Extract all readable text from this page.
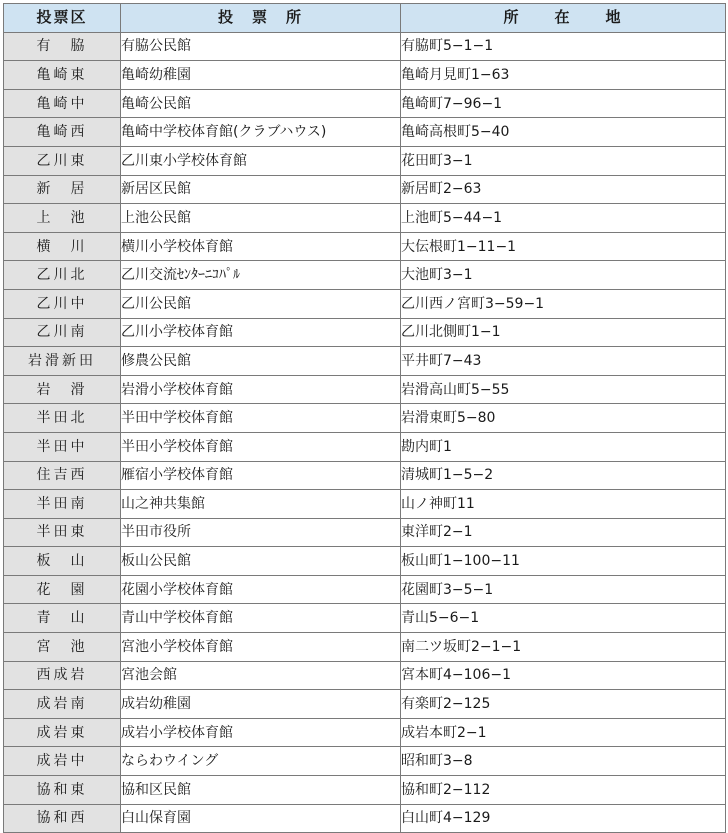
投票区	投　票　所	所　　在　　地
有　脇	有脇公民館	有脇町5−1−1
亀崎東	亀崎幼稚園	亀崎月見町1−63
亀崎中	亀崎公民館	亀崎町7−96−1
亀崎西	亀崎中学校体育館(クラブハウス)	亀崎高根町5−40
乙川東	乙川東小学校体育館	花田町3−1
新　居	新居区民館	新居町2−63
上　池	上池公民館	上池町5−44−1
横　川	横川小学校体育館	大伝根町1−11−1
乙川北	乙川交流ｾﾝﾀｰﾆｺﾊﾟﾙ	大池町3−1
乙川中	乙川公民館	乙川西ノ宮町3−59−1
乙川南	乙川小学校体育館	乙川北側町1−1
岩滑新田	修農公民館	平井町7−43
岩　滑	岩滑小学校体育館	岩滑高山町5−55
半田北	半田中学校体育館	岩滑東町5−80
半田中	半田小学校体育館	勘内町1
住吉西	雁宿小学校体育館	清城町1−5−2
半田南	山之神共集館	山ノ神町11
半田東	半田市役所	東洋町2−1
板　山	板山公民館	板山町1−100−11
花　園	花園小学校体育館	花園町3−5−1
青　山	青山中学校体育館	青山5−6−1
宮　池	宮池小学校体育館	南二ツ坂町2−1−1
西成岩	宮池会館	宮本町4−106−1
成岩南	成岩幼稚園	有楽町2−125
成岩東	成岩小学校体育館	成岩本町2−1
成岩中	ならわウイング	昭和町3−8
協和東	協和区民館	協和町2−112
協和西	白山保育園	白山町4−129
